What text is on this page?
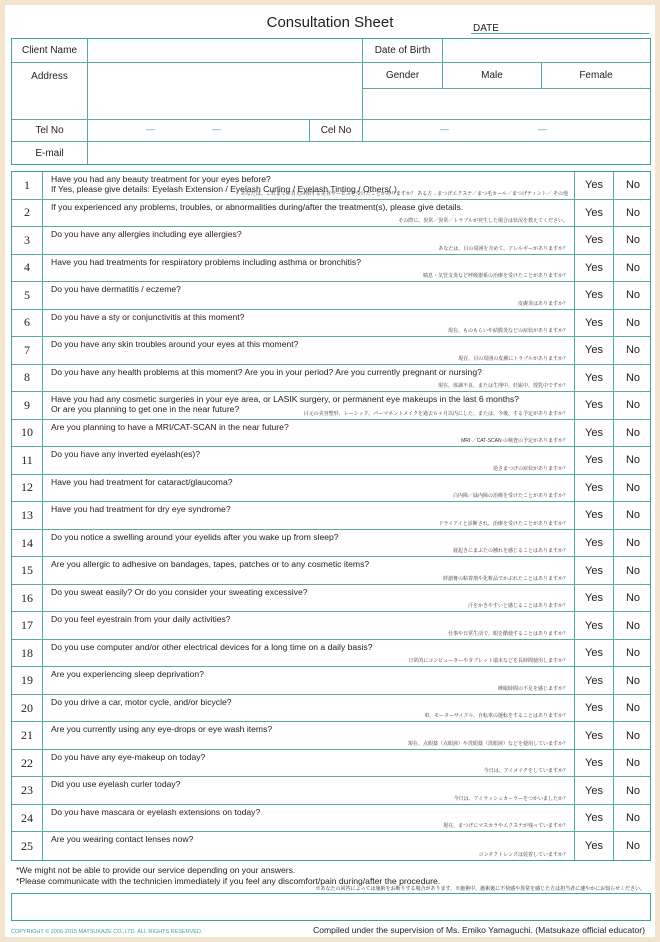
Consultation Sheet	DATE
Client Name	Date of Birth
Address	Gender	Male	Female
Tel No	—	—	Cel No	—	—
E-mail
1	Have you had any beauty treatment for your eyes before?
If Yes, please give details: Eyelash Extension / Eyelash Curling / Eyelash Tinting / Others( )
あなたは、これまでに目元に関する美容サービスを受けたことがありますか？ ある方→まつげエクステ／まつ毛カール／まつげティント／ その他
Yes	No
2	If you experienced any problems, troubles, or abnormalities during/after the treatment(s), please give details.
その際に、異常／異常／トラブルが発生した場合は状況を教えてください。
Yes	No
3	Do you have any allergies including eye allergies?
あなたは、目の周囲を含めて、アレルギーがありますか？
Yes	No
4	Have you had treatments for respiratory problems including asthma or bronchitis?
喘息・気管支炎など呼吸器系の治療を受けたことがありますか？
Yes	No
5	Do you have dermatitis / eczeme?
皮膚炎はありますか？
Yes	No
6	Do you have a sty or conjunctivitis at this moment?
現在、ものもらいや結膜炎などの症状がありますか？
Yes	No
7	Do you have any skin troubles around your eyes at this moment?
現在、目の周囲の皮膚にトラブルがありますか？
Yes	No
8	Do you have any health problems at this moment? Are you in your period? Are you currently pregnant or nursing?
現在、体調不良、または生理中、妊娠中、授乳中ですか？
Yes	No
9	Have you had any cosmetic surgeries in your eye area, or LASIK surgery, or permanent eye makeups in the last 6 months?
Or are you planning to get one in the near future?	目元の美容整形、レーシック、パーマネントメイクを過去６ヶ月以内にした、または、今後、する予定がありますか？
Yes	No
10	Are you planning to have a MRI/CAT-SCAN in the near future?
MRI ／CAT-SCAN の検査の予定がありますか？
Yes	No
11	Do you have any inverted eyelash(es)?
逆さまつげの症状がありますか？
Yes	No
12	Have you had treatment for cataract/glaucoma?
白内障／緑内障の治療を受けたことがありますか？
Yes	No
13	Have you had treatment for dry eye syndrome?
ドライアイと診断され、治療を受けたことがありますか？
Yes	No
14	Do you notice a swelling around your eyelids after you wake up from sleep?
寝起きにまぶたの腫れを感じることはありますか？
Yes	No
15	Are you allergic to adhesive on bandages, tapes, patches or to any cosmetic items?
絆創膏の粘着剤や化粧品でかぶれたことはありますか？
Yes	No
16	Do you sweat easily? Or do you consider your sweating excessive?
汗をかきやすいと感じることはありますか？
Yes	No
17	Do you feel eyestrain from your daily activities?
仕事や日常生活で、眼を酷使することはありますか？
Yes	No
18	Do you use computer and/or other electrical devices for a long time on a daily basis?
日常的にコンピューターやタブレット端末などを長時間使用しますか？
Yes	No
19	Are you experiencing sleep deprivation?
睡眠時間の不足を感じますか？
Yes	No
20	Do you drive a car, motor cycle, and/or bicycle?
車、モーターサイクル、自転車の運転をすることはありますか？
Yes	No
21	Are you currently using any eye-drops or eye wash items?
現在、点眼薬（点眼液）や洗眼薬（洗眼液）などを使用していますか？
Yes	No
22	Do you have any eye-makeup on today?
今日は、アイメイクをしていますか？
Yes	No
23	Did you use eyelash curler today?
今日は、アイラッシュカーラーをつかいましたか？
Yes	No
24	Do you have mascara or eyelash extensions on today?
現在、まつげにマスカラやエクステが残っていますか？
Yes	No
25	Are you wearing contact lenses now?
コンタクトレンズは装着していますか？
Yes	No
*We might not be able to provide our service depending on your answers.
*Please communicate with the technicien immediately if you feel any discomfort/pain during/after the procedure.
※あなたの回答によっては施術をお断りする場合があります。※施術中、施術後に不快感や異常を感じた方は担当者に速やかにお知らせください。
COPYRIGHT © 2006-2015 MATSUKAZE CO.,LTD. ALL RIGHTS RESERVED.	Compiled under the supervision of Ms. Emiko Yamaguchi. (Matsukaze official educator)
